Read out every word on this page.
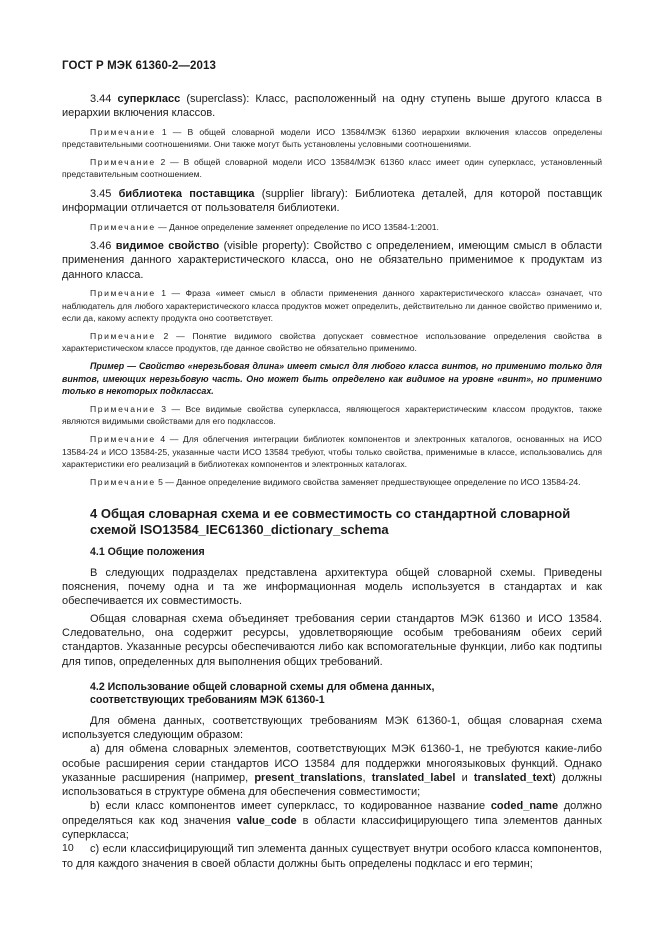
ГОСТ Р МЭК 61360-2—2013

3.44 суперкласс (superclass): Класс, расположенный на одну ступень выше другого класса в иерархии включения классов.

Примечание 1 — В общей словарной модели ИСО 13584/МЭК 61360 иерархии включения классов определены представительными соотношениями. Они также могут быть установлены условными соотношениями.

Примечание 2 — В общей словарной модели ИСО 13584/МЭК 61360 класс имеет один суперкласс, установленный представительным соотношением.

3.45 библиотека поставщика (supplier library): Библиотека деталей, для которой поставщик информации отличается от пользователя библиотеки.

Примечание — Данное определение заменяет определение по ИСО 13584-1:2001.

3.46 видимое свойство (visible property): Свойство с определением, имеющим смысл в области применения данного характеристического класса, оно не обязательно применимое к продуктам из данного класса.

Примечание 1 — Фраза «имеет смысл в области применения данного характеристического класса» означает, что наблюдатель для любого характеристического класса продуктов может определить, действительно ли данное свойство применимо и, если да, какому аспекту продукта оно соответствует.

Примечание 2 — Понятие видимого свойства допускает совместное использование определения свойства в характеристическом классе продуктов, где данное свойство не обязательно применимо.

Пример — Свойство «нерезьбовая длина» имеет смысл для любого класса винтов, но применимо только для винтов, имеющих нерезьбовую часть. Оно может быть определено как видимое на уровне «винт», но применимо только в некоторых подклассах.

Примечание 3 — Все видимые свойства суперкласса, являющегося характеристическим классом продуктов, также являются видимыми свойствами для его подклассов.

Примечание 4 — Для облегчения интеграции библиотек компонентов и электронных каталогов, основанных на ИСО 13584-24 и ИСО 13584-25, указанные части ИСО 13584 требуют, чтобы только свойства, применимые в классе, использовались для характеристики его реализаций в библиотеках компонентов и электронных каталогах.

Примечание 5 — Данное определение видимого свойства заменяет предшествующее определение по ИСО 13584-24.

4 Общая словарная схема и ее совместимость со стандартной словарной схемой ISO13584_IEC61360_dictionary_schema
4.1 Общие положения

В следующих подразделах представлена архитектура общей словарной схемы. Приведены пояснения, почему одна и та же информационная модель используется в стандартах и как обеспечивается их совместимость.

Общая словарная схема объединяет требования серии стандартов МЭК 61360 и ИСО 13584. Следовательно, она содержит ресурсы, удовлетворяющие особым требованиям обеих серий стандартов. Указанные ресурсы обеспечиваются либо как вспомогательные функции, либо как подтипы для типов, определенных для выполнения общих требований.

4.2 Использование общей словарной схемы для обмена данных,
соответствующих требованиям МЭК 61360-1

Для обмена данных, соответствующих требованиям МЭК 61360-1, общая словарная схема используется следующим образом:

а) для обмена словарных элементов, соответствующих МЭК 61360-1, не требуются какие-либо особые расширения серии стандартов ИСО 13584 для поддержки многоязыковых функций. Однако указанные расширения (например, present_translations, translated_label и translated_text) должны использоваться в структуре обмена для обеспечения совместимости;

b) если класс компонентов имеет суперкласс, то кодированное название coded_name должно определяться как код значения value_code в области классифицирующего типа элементов данных суперкласса;

c) если классифицирующий тип элемента данных существует внутри особого класса компонентов, то для каждого значения в своей области должны быть определены подкласс и его термин;

10
